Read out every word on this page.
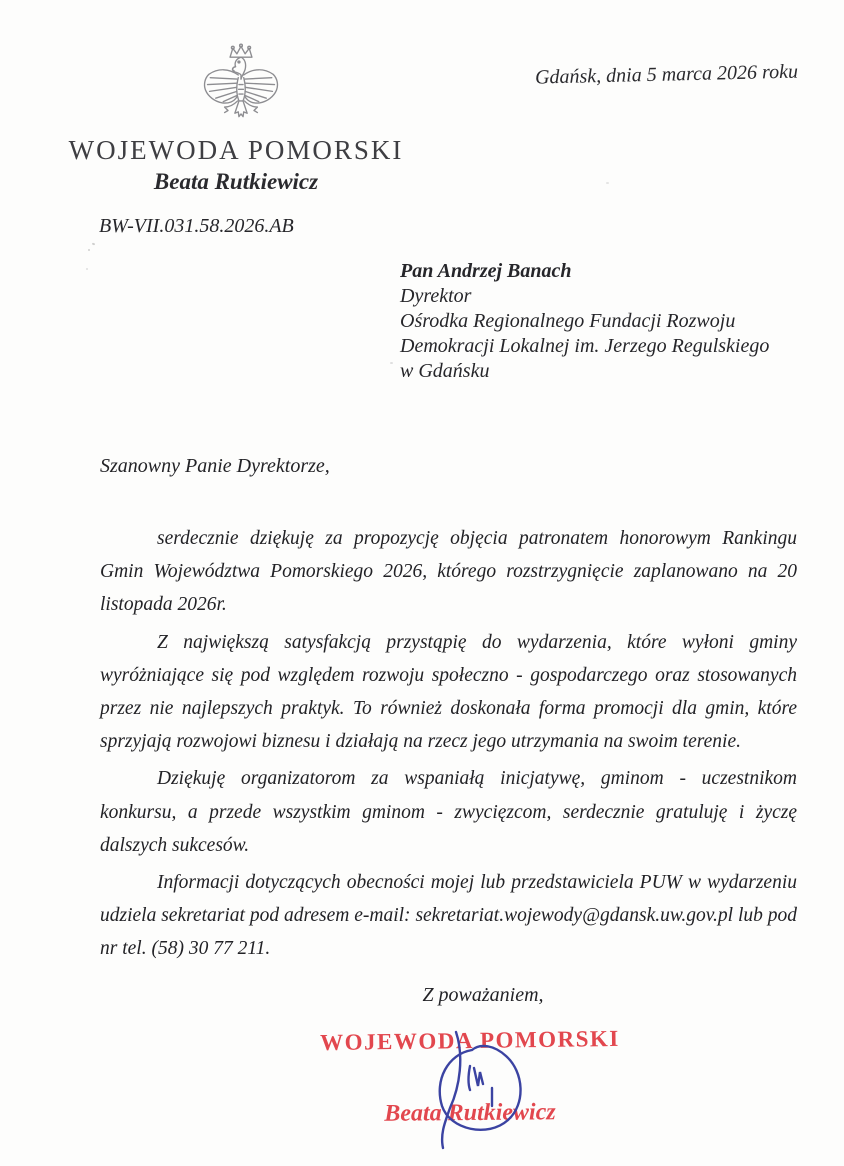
WOJEWODA POMORSKI
Beata Rutkiewicz
BW-VII.031.58.2026.AB
Gdańsk, dnia 5 marca 2026 roku
Pan Andrzej Banach
Dyrektor
Ośrodka Regionalnego Fundacji Rozwoju
Demokracji Lokalnej im. Jerzego Regulskiego
w Gdańsku
Szanowny Panie Dyrektorze,

serdecznie dziękuję za propozycję objęcia patronatem honorowym Rankingu Gmin Województwa Pomorskiego 2026, którego rozstrzygnięcie zaplanowano na 20 listopada 2026r.

Z największą satysfakcją przystąpię do wydarzenia, które wyłoni gminy wyróżniające się pod względem rozwoju społeczno - gospodarczego oraz stosowanych przez nie najlepszych praktyk. To również doskonała forma promocji dla gmin, które sprzyjają rozwojowi biznesu i działają na rzecz jego utrzymania na swoim terenie.

Dziękuję organizatorom za wspaniałą inicjatywę, gminom - uczestnikom konkursu, a przede wszystkim gminom - zwycięzcom, serdecznie gratuluję i życzę dalszych sukcesów.

Informacji dotyczących obecności mojej lub przedstawiciela PUW w wydarzeniu udziela sekretariat pod adresem e-mail: sekretariat.wojewody@gdansk.uw.gov.pl lub pod nr tel. (58) 30 77 211.

Z poważaniem,
WOJEWODA POMORSKI
Beata Rutkiewicz
